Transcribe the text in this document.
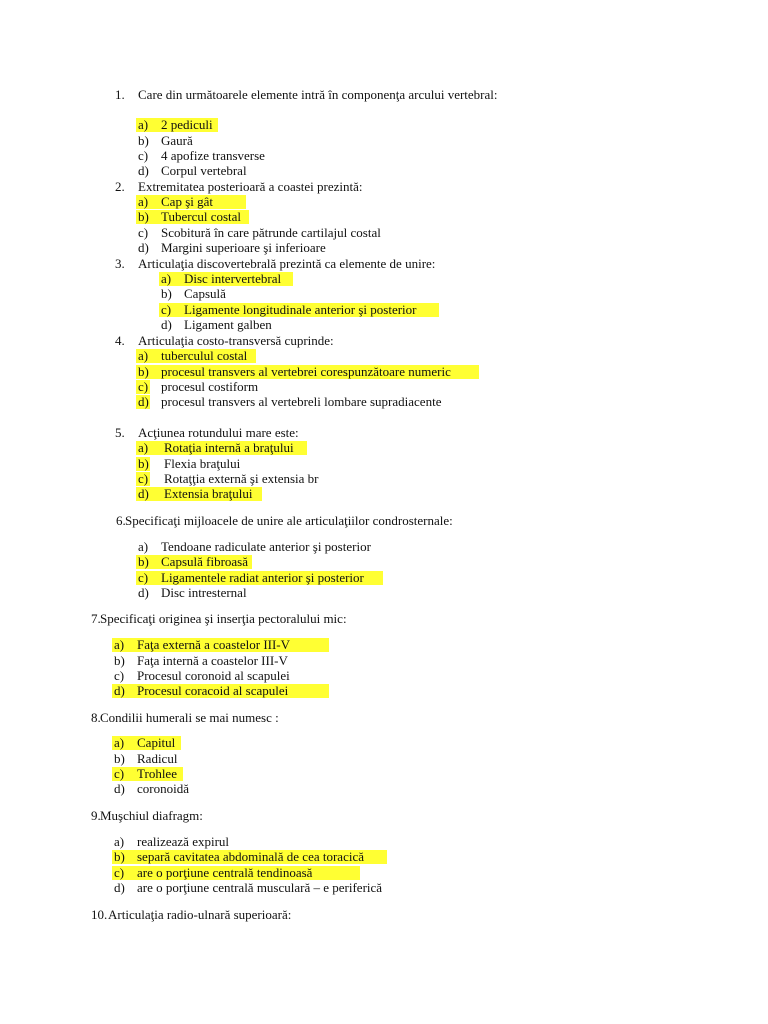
1. Care din următoarele elemente intră în componenţa arcului vertebral:
a) 2 pediculi
b) Gaură
c) 4 apofize transverse
d) Corpul vertebral
2. Extremitatea posterioară a coastei prezintă:
a) Cap şi gât
b) Tubercul costal
c) Scobitură în care pătrunde cartilajul costal
d) Margini superioare şi inferioare
3. Articulaţia discovertebrală prezintă ca elemente de unire:
a) Disc intervertebral
b) Capsulă
c) Ligamente longitudinale anterior şi posterior
d) Ligament galben
4. Articulaţia costo-transversă cuprinde:
a) tuberculul costal
b) procesul transvers al vertebrei corespunzătoare numeric
c) procesul costiform
d) procesul transvers al vertebreli lombare supradiacente
5. Acţiunea rotundului mare este:
a) Rotaţia internă a braţului
b) Flexia braţului
c) Rotaţţia externă şi extensia br
d) Extensia braţului
6. Specificaţi mijloacele de unire ale articulaţiilor condrosternale:
a) Tendoane radiculate anterior şi posterior
b) Capsulă fibroasă
c) Ligamentele radiat anterior şi posterior
d) Disc intresternal
7. Specificaţi originea şi inserţia pectoralului mic:
a) Faţa externă a coastelor III-V
b) Faţa internă a coastelor III-V
c) Procesul coronoid al scapulei
d) Procesul coracoid al scapulei
8. Condilii humerali se mai numesc :
a) Capitul
b) Radicul
c) Trohlee
d) coronoidă
9. Muşchiul diafragm:
a) realizează expirul
b) separă cavitatea abdominală de cea toracică
c) are o porţiune centrală tendinoasă
d) are o porţiune centrală musculară – e periferică
10. Articulaţia radio-ulnară superioară:
